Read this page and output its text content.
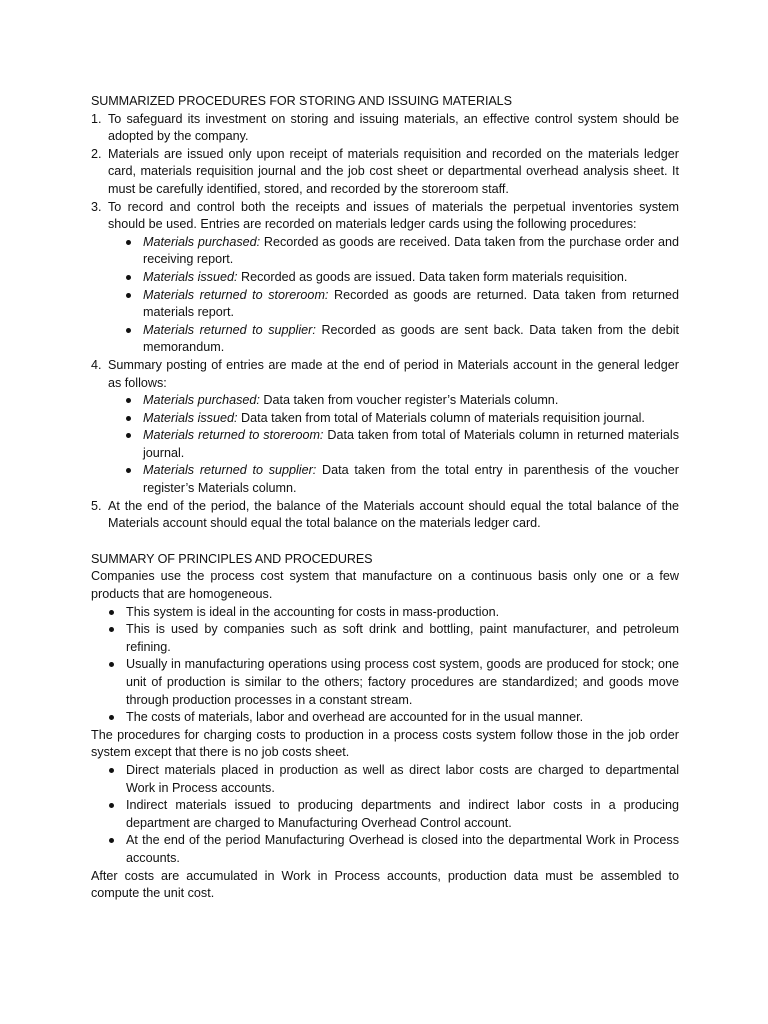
SUMMARIZED PROCEDURES FOR STORING AND ISSUING MATERIALS
1. To safeguard its investment on storing and issuing materials, an effective control system should be adopted by the company.
2. Materials are issued only upon receipt of materials requisition and recorded on the materials ledger card, materials requisition journal and the job cost sheet or departmental overhead analysis sheet. It must be carefully identified, stored, and recorded by the storeroom staff.
3. To record and control both the receipts and issues of materials the perpetual inventories system should be used. Entries are recorded on materials ledger cards using the following procedures:
Materials purchased: Recorded as goods are received. Data taken from the purchase order and receiving report.
Materials issued: Recorded as goods are issued. Data taken form materials requisition.
Materials returned to storeroom: Recorded as goods are returned. Data taken from returned materials report.
Materials returned to supplier: Recorded as goods are sent back. Data taken from the debit memorandum.
4. Summary posting of entries are made at the end of period in Materials account in the general ledger as follows:
Materials purchased: Data taken from voucher register’s Materials column.
Materials issued: Data taken from total of Materials column of materials requisition journal.
Materials returned to storeroom: Data taken from total of Materials column in returned materials journal.
Materials returned to supplier: Data taken from the total entry in parenthesis of the voucher register’s Materials column.
5. At the end of the period, the balance of the Materials account should equal the total balance of the Materials account should equal the total balance on the materials ledger card.
SUMMARY OF PRINCIPLES AND PROCEDURES

Companies use the process cost system that manufacture on a continuous basis only one or a few products that are homogeneous.

This system is ideal in the accounting for costs in mass-production.
This is used by companies such as soft drink and bottling, paint manufacturer, and petroleum refining.
Usually in manufacturing operations using process cost system, goods are produced for stock; one unit of production is similar to the others; factory procedures are standardized; and goods move through production processes in a constant stream.
The costs of materials, labor and overhead are accounted for in the usual manner.

The procedures for charging costs to production in a process costs system follow those in the job order system except that there is no job costs sheet.

Direct materials placed in production as well as direct labor costs are charged to departmental Work in Process accounts.
Indirect materials issued to producing departments and indirect labor costs in a producing department are charged to Manufacturing Overhead Control account.
At the end of the period Manufacturing Overhead is closed into the departmental Work in Process accounts.

After costs are accumulated in Work in Process accounts, production data must be assembled to compute the unit cost.
